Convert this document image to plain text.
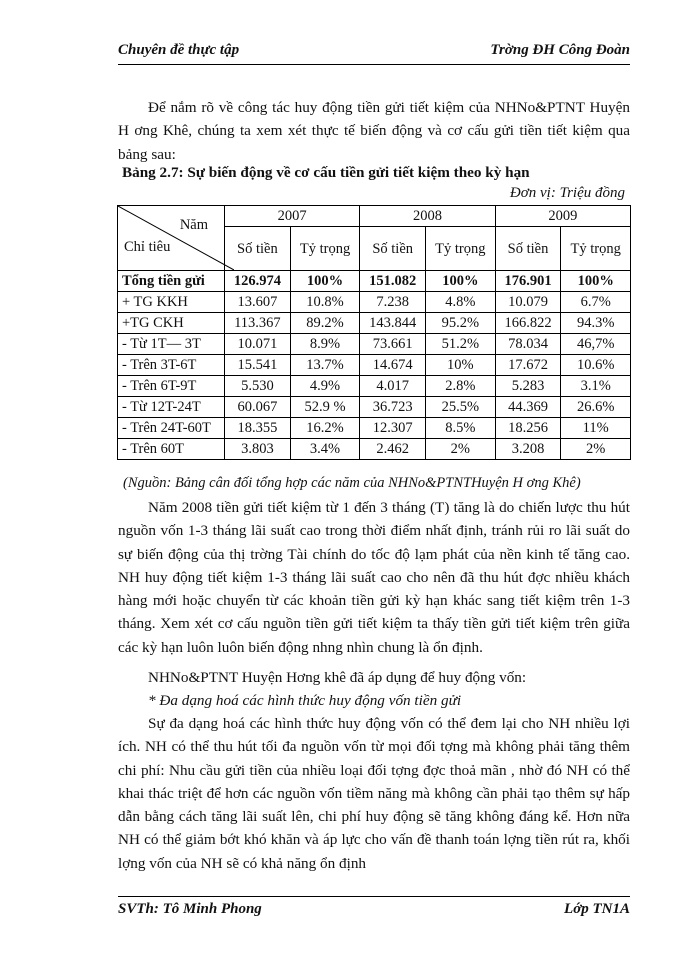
Chuyên đề thực tập	Trờng ĐH Công Đoàn

Để nắm rõ về công tác huy động tiền gửi tiết kiệm của NHNo&PTNT Huyện H ơng Khê, chúng ta xem xét thực tế biến động và cơ cấu gửi tiền tiết kiệm qua bảng sau:

Bảng 2.7: Sự biến động về cơ cấu tiền gửi tiết kiệm theo kỳ hạn
Đơn vị: Triệu đồng
Năm
Chỉ tiêu	2007		2008		2009	
	Số tiền	Tỷ trọng	Số tiền	Tỷ trọng	Số tiền	Tỷ trọng
Tổng tiền gửi	126.974	100%	151.082	100%	176.901	100%
+ TG KKH	13.607	10.8%	7.238	4.8%	10.079	6.7%
+TG CKH	113.367	89.2%	143.844	95.2%	166.822	94.3%
- Từ 1T— 3T	10.071	8.9%	73.661	51.2%	78.034	46,7%
- Trên 3T-6T	15.541	13.7%	14.674	10%	17.672	10.6%
- Trên 6T-9T	5.530	4.9%	4.017	2.8%	5.283	3.1%
- Từ 12T-24T	60.067	52.9 %	36.723	25.5%	44.369	26.6%
- Trên 24T-60T	18.355	16.2%	12.307	8.5%	18.256	11%
- Trên 60T	3.803	3.4%	2.462	2%	3.208	2%
(Nguồn: Bảng cân đối tổng hợp các năm của NHNo&PTNTHuyện H ơng Khê)

Năm 2008 tiền gửi tiết kiệm từ 1 đến 3 tháng (T) tăng là do chiến lược thu hút nguồn vốn 1-3 tháng lãi suất cao trong thời điểm nhất định, tránh rủi ro lãi suất do sự biến động của thị trờng Tài chính do tốc độ lạm phát của nền kinh tế tăng cao. NH huy động tiết kiệm 1-3 tháng lãi suất cao cho nên đã thu hút đợc nhiều khách hàng mới hoặc chuyển từ các khoản tiền gửi kỳ hạn khác sang tiết kiệm trên 1-3 tháng. Xem xét cơ cấu nguồn tiền gửi tiết kiệm ta thấy tiền gửi tiết kiệm trên giữa các kỳ hạn luôn luôn biến động nhng nhìn chung là ổn định.

NHNo&PTNT Huyện Hơng khê đã áp dụng để huy động vốn:

* Đa dạng hoá các hình thức huy động vốn tiền gửi

Sự đa dạng hoá các hình thức huy động vốn có thể đem lại cho NH nhiều lợi ích. NH có thể thu hút tối đa nguồn vốn từ mọi đối tợng mà không phải tăng thêm chi phí: Nhu cầu gửi tiền của nhiều loại đối tợng đợc thoả mãn , nhờ đó NH có thể khai thác triệt để hơn các nguồn vốn tiềm năng mà không cần phải tạo thêm sự hấp dẫn bằng cách tăng lãi suất lên, chi phí huy động sẽ tăng không đáng kể. Hơn nữa NH có thể giảm bớt khó khăn và áp lực cho vấn đề thanh toán lợng tiền rút ra, khối lợng vốn của NH sẽ có khả năng ổn định

SVTh: Tô Minh Phong	Lớp TN1A
